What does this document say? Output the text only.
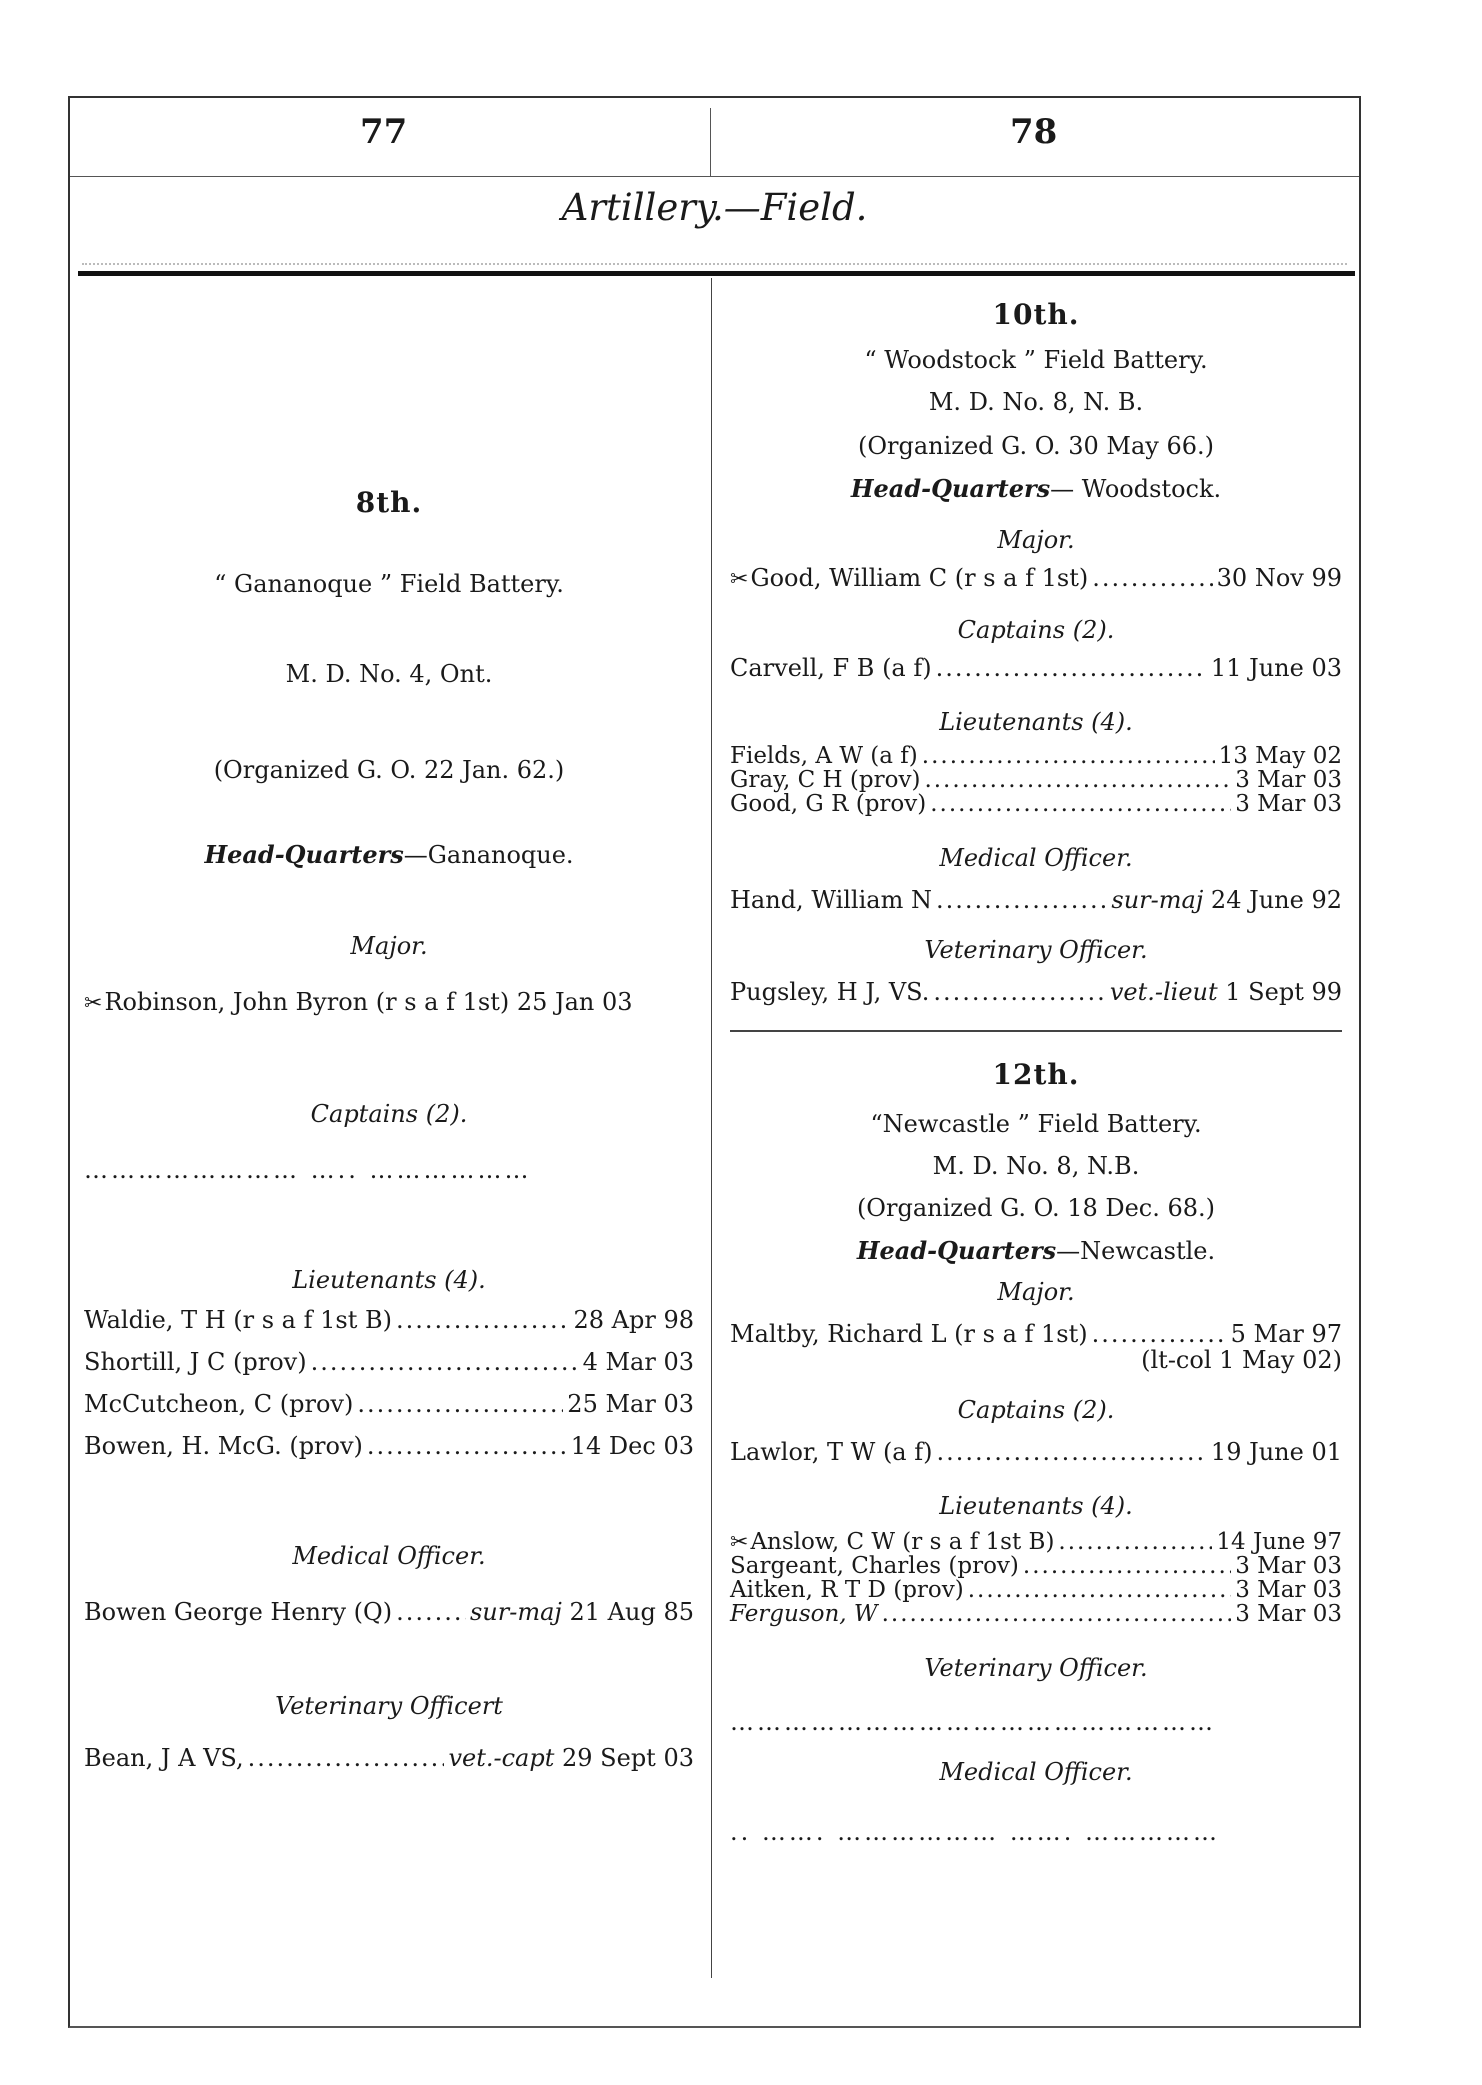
77	78
Artillery.—Field.
8th.
“ Gananoque ” Field Battery.
M. D. No. 4, Ont.
(Organized G. O. 22 Jan. 62.)
Head-Quarters—Gananoque.
Major.
✂Robinson, John Byron (r s a f 1st) 25 Jan 03
Captains (2).
…………………… ….. ………………
Lieutenants (4).
Waldie, T H (r s a f 1st B) .....	28 Apr 98
Shortill, J C (prov) .....	4 Mar 03
McCutcheon, C (prov) .....	25 Mar 03
Bowen, H. McG. (prov) .....	14 Dec 03
Medical Officer.
Bowen George Henry (Q) .....	sur-maj 21 Aug 85
Veterinary Officert
Bean, J A VS, .....	vet.-capt 29 Sept 03
10th.
“ Woodstock ” Field Battery.
M. D. No. 8, N. B.
(Organized G. O. 30 May 66.)
Head-Quarters— Woodstock.
Major.
✂Good, William C (r s a f 1st) .....	30 Nov 99
Captains (2).
Carvell, F B (a f) .....	11 June 03
Lieutenants (4).
Fields, A W (a f) .....	13 May 02
Gray, C H (prov) .....	3 Mar 03
Good, G R (prov) .....	3 Mar 03
Medical Officer.
Hand, William N .....	sur-maj 24 June 92
Veterinary Officer.
Pugsley, H J, VS. .....	vet.-lieut 1 Sept 99
12th.
“Newcastle ” Field Battery.
M. D. No. 8, N.B.
(Organized G. O. 18 Dec. 68.)
Head-Quarters—Newcastle.
Major.
Maltby, Richard L (r s a f 1st) .....	5 Mar 97
(lt-col 1 May 02)
Captains (2).
Lawlor, T W (a f) .....	19 June 01
Lieutenants (4).
✂Anslow, C W (r s a f 1st B) .....	14 June 97
Sargeant, Charles (prov) .....	3 Mar 03
Aitken, R T D (prov) .....	3 Mar 03
Ferguson, W .....	3 Mar 03
Veterinary Officer.
………………………………………………
Medical Officer.
.. ……. ……………… ……. ……………
